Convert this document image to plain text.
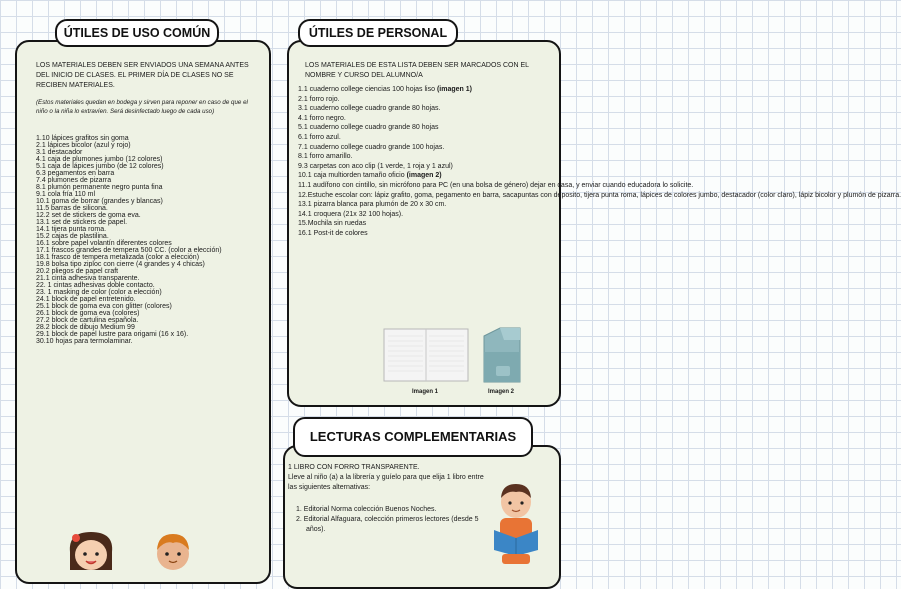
ÚTILES DE USO COMÚN
LOS MATERIALES DEBEN SER ENVIADOS UNA SEMANA ANTES DEL INICIO DE CLASES. EL PRIMER DÍA DE CLASES NO SE RECIBEN MATERIALES.
(Estos materiales quedan en bodega y sirven para reponer en caso de que el niño o la niña lo extravíen. Será desinfectado luego de cada uso)
1.10 lápices grafitos sin goma
2.1 lápices bicolor (azul y rojo)
3.1 destacador
4.1 caja de plumones jumbo (12 colores)
5.1 caja de lápices jumbo (de 12 colores)
6.3 pegamentos en barra
7.4 plumones de pizarra
8.1 plumón permanente negro punta fina
9.1 cola fría 110 ml
10.1 goma de borrar (grandes y blancas)
11.5 barras de silicona.
12.2 set de stickers de goma eva.
13.1 set de stickers de papel.
14.1 tijera punta roma.
15.2 cajas de plastilina.
16.1 sobre papel volantín diferentes colores
17.1 frascos grandes de tempera 500 CC. (color a elección)
18.1 frasco de tempera metalizada (color a elección)
19.8 bolsa tipo ziploc con cierre (4 grandes y 4 chicas)
20.2 pliegos de papel craft
21.1 cinta adhesiva transparente.
22. 1 cintas adhesivas doble contacto.
23. 1 masking de color (color a elección)
24.1 block de papel entretenido.
25.1 block de goma eva con glitter (colores)
26.1 block de goma eva (colores)
27.2 block de cartulina española.
28.2 block de dibujo Medium 99
29.1 block de papel lustre para origami (16 x 16).
30.10 hojas para termolaminar.
ÚTILES DE PERSONAL
LOS MATERIALES DE ESTA LISTA DEBEN SER MARCADOS CON EL NOMBRE Y CURSO DEL ALUMNO/A
1.1 cuaderno college ciencias 100 hojas liso (imagen 1)
2.1 forro rojo.
3.1 cuaderno college cuadro grande 80 hojas.
4.1 forro negro.
5.1 cuaderno college cuadro grande 80 hojas
6.1 forro azul.
7.1 cuaderno college cuadro grande 100 hojas.
8.1 forro amarillo.
9.3 carpetas con aco clip (1 verde, 1 roja y 1 azul)
10.1 caja multiorden tamaño oficio (imagen 2)
11.1 audífono con cintillo, sin micrófono para PC (en una bolsa de género) dejar en casa, y enviar cuando educadora lo solicite.
12.Estuche escolar con: lápiz grafito, goma, pegamento en barra, sacapuntas con deposito, tijera punta roma, lápices de colores jumbo, destacador (color claro), lápiz bicolor y plumón de pizarra.
13.1 pizarra blanca para plumón de 20 x 30 cm.
14.1 croquera (21x 32 100 hojas).
15.Mochila sin ruedas
16.1 Post-it de colores
Imagen 1	Imagen 2
LECTURAS COMPLEMENTARIAS
1 LIBRO CON FORRO TRANSPARENTE.
Lleve al niño (a) a la librería y guíelo para que elija 1 libro entre las siguientes alternativas:
1. Editorial Norma colección Buenos Noches.
2. Editorial Alfaguara, colección primeros lectores (desde 5 años).
